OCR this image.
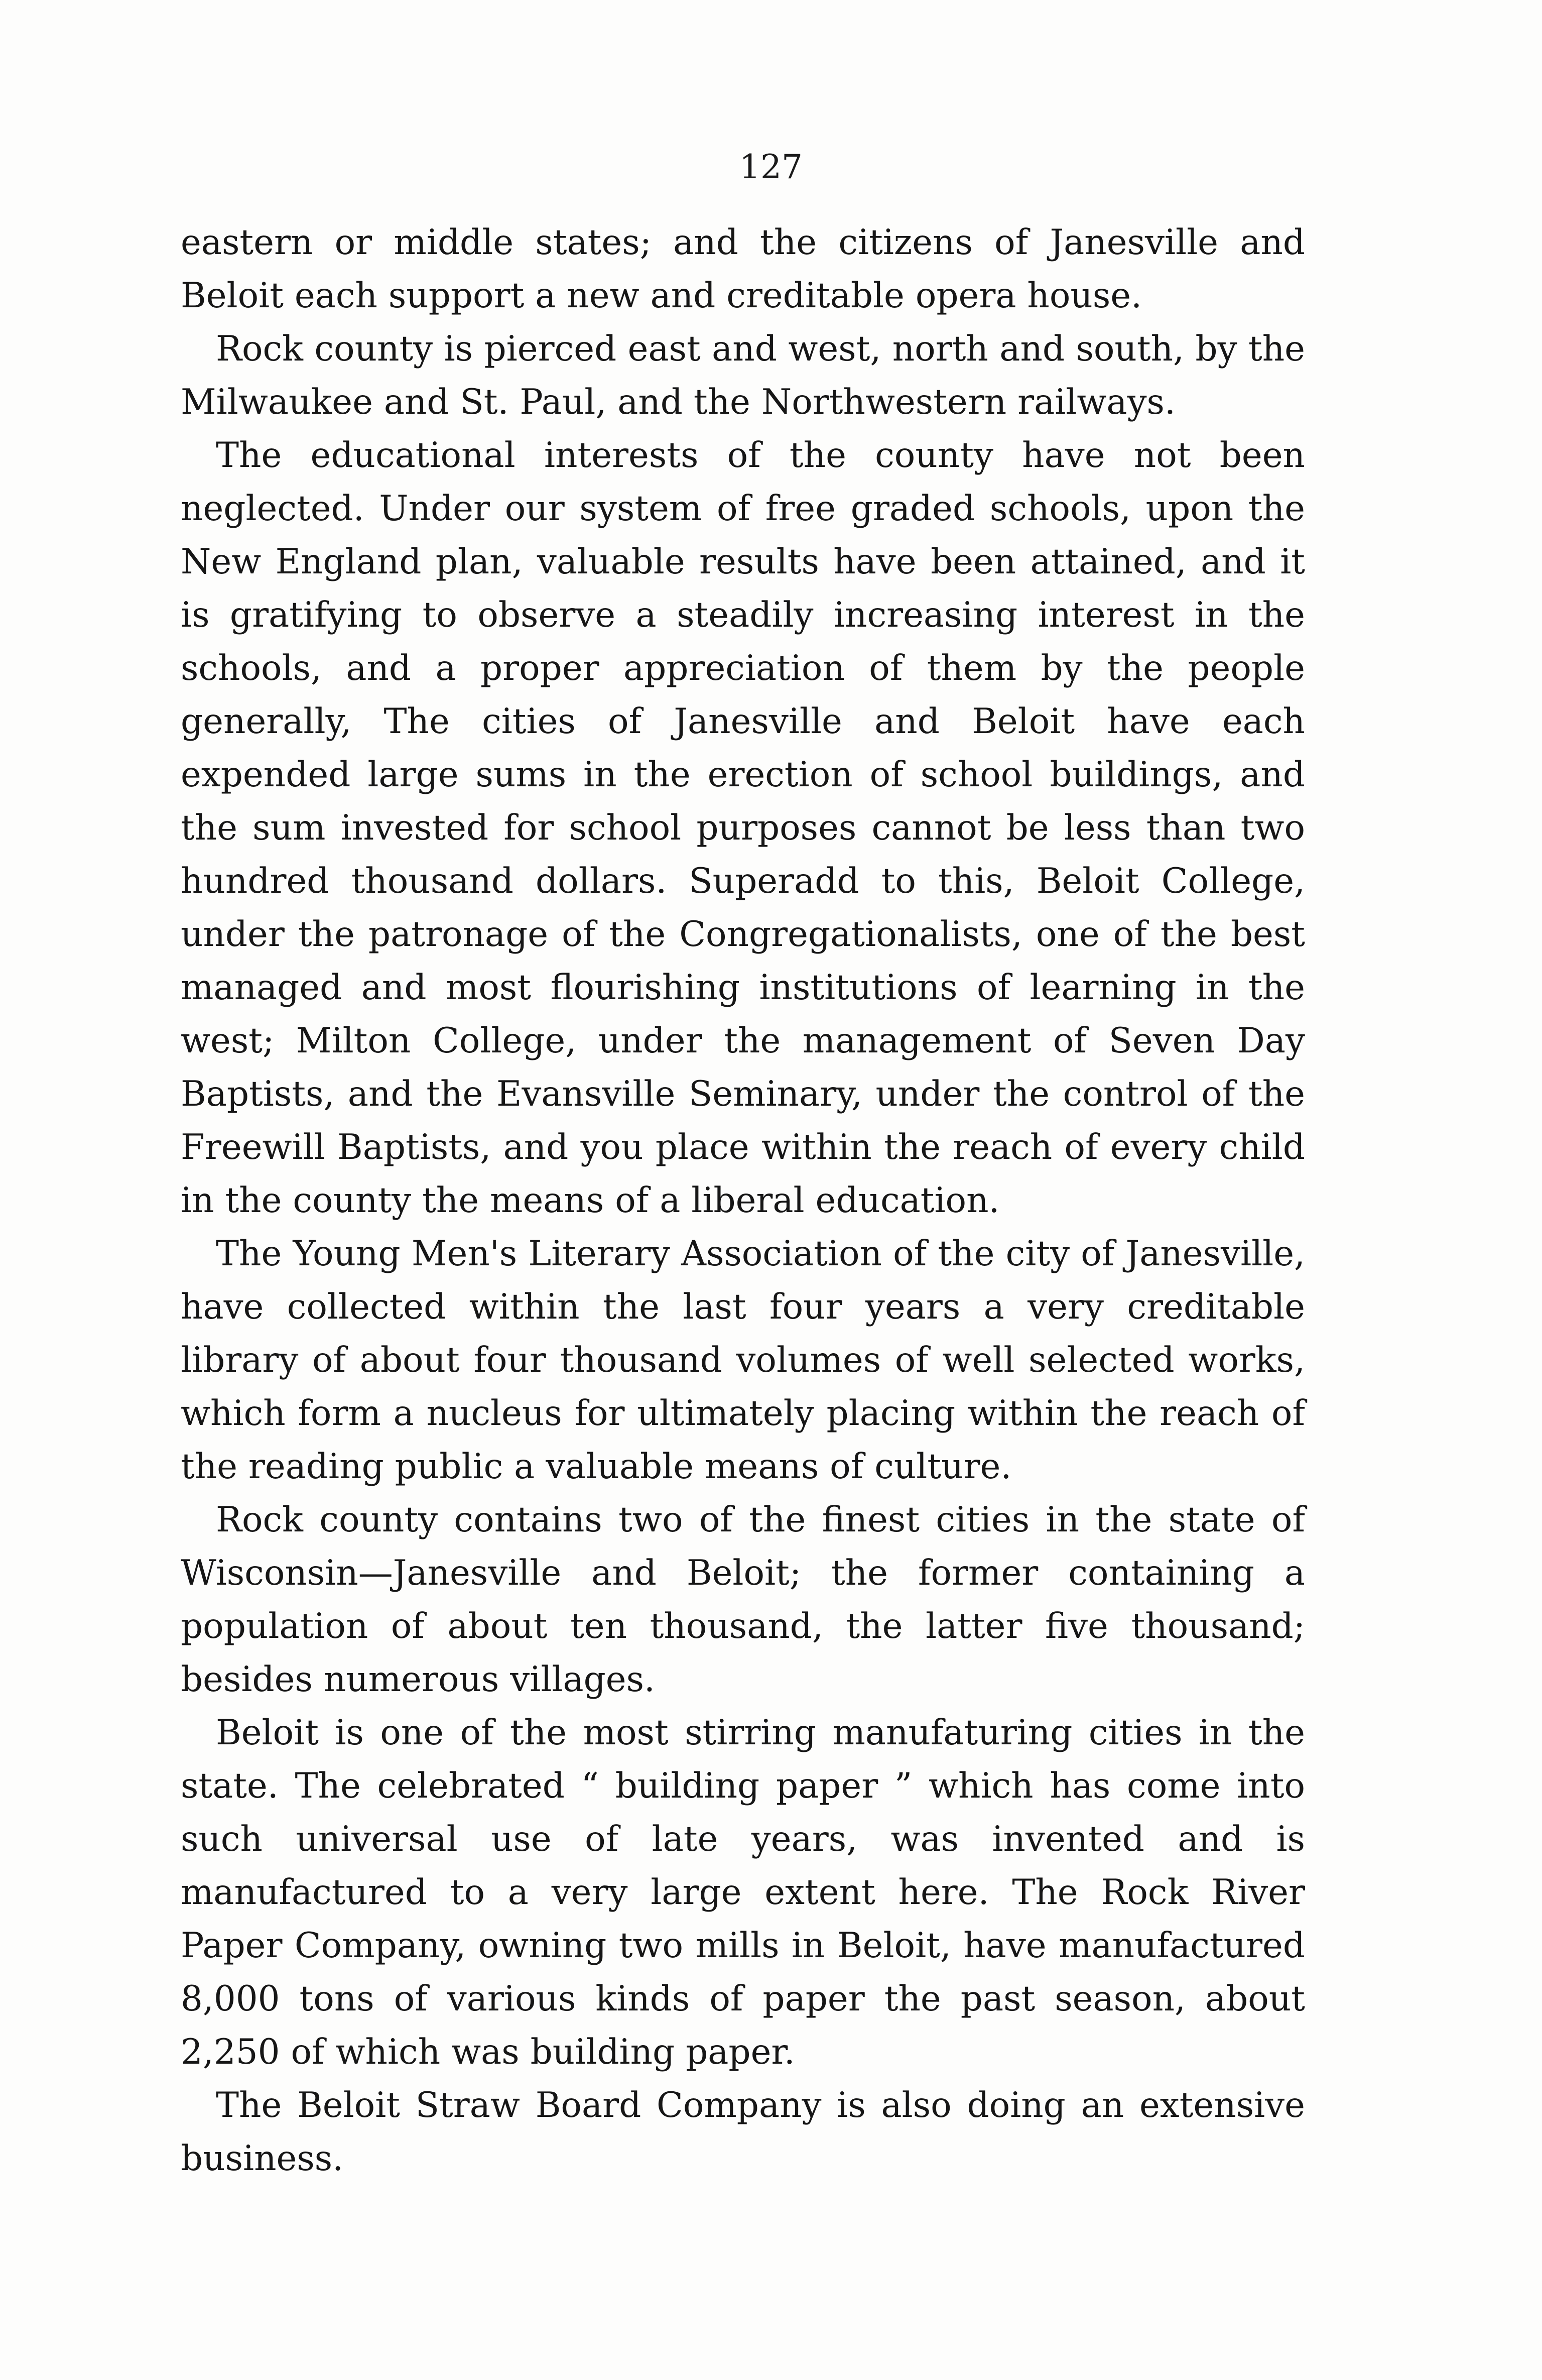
127

eastern or middle states; and the citizens of Janesville and Beloit each support a new and creditable opera house.

Rock county is pierced east and west, north and south, by the Milwaukee and St. Paul, and the Northwestern railways.

The educational interests of the county have not been neglected. Under our system of free graded schools, upon the New England plan, valuable results have been attained, and it is gratifying to observe a steadily increasing interest in the schools, and a proper appreciation of them by the people generally, The cities of Janesville and Beloit have each expended large sums in the erection of school buildings, and the sum invested for school purposes cannot be less than two hundred thousand dollars. Superadd to this, Beloit College, under the patronage of the Congregationalists, one of the best managed and most flourishing institutions of learning in the west; Milton College, under the management of Seven Day Baptists, and the Evansville Seminary, under the control of the Freewill Baptists, and you place within the reach of every child in the county the means of a liberal education.

The Young Men's Literary Association of the city of Janesville, have collected within the last four years a very creditable library of about four thousand volumes of well selected works, which form a nucleus for ultimately placing within the reach of the reading public a valuable means of culture.

Rock county contains two of the finest cities in the state of Wisconsin—Janesville and Beloit; the former containing a population of about ten thousand, the latter five thousand; besides numerous villages.

Beloit is one of the most stirring manufaturing cities in the state. The celebrated “ building paper ” which has come into such universal use of late years, was invented and is manufactured to a very large extent here. The Rock River Paper Company, owning two mills in Beloit, have manufactured 8,000 tons of various kinds of paper the past season, about 2,250 of which was building paper.

The Beloit Straw Board Company is also doing an extensive business.
